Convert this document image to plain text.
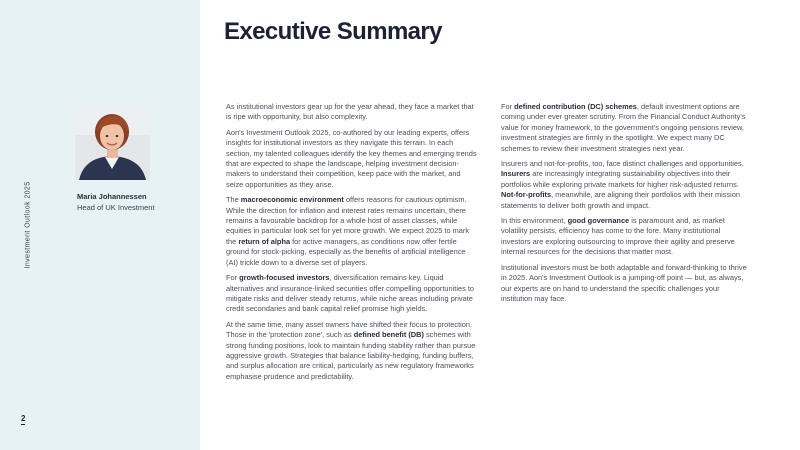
Investment Outlook 2025
2
Maria Johannessen
Head of UK Investment
Executive Summary

As institutional investors gear up for the year ahead, they face a market that is ripe with opportunity, but also complexity.

Aon's Investment Outlook 2025, co-authored by our leading experts, offers insights for institutional investors as they navigate this terrain. In each section, my talented colleagues identify the key themes and emerging trends that are expected to shape the landscape, helping investment decision-makers to understand their competition, keep pace with the market, and seize opportunities as they arise.

The macroeconomic environment offers reasons for cautious optimism. While the direction for inflation and interest rates remains uncertain, there remains a favourable backdrop for a whole host of asset classes, while equities in particular look set for yet more growth. We expect 2025 to mark the return of alpha for active managers, as conditions now offer fertile ground for stock-picking, especially as the benefits of artificial intelligence (AI) trickle down to a diverse set of players.

For growth-focused investors, diversification remains key. Liquid alternatives and insurance-linked securities offer compelling opportunities to mitigate risks and deliver steady returns, while niche areas including private credit secondaries and bank capital relief promise high yields.

At the same time, many asset owners have shifted their focus to protection. Those in the 'protection zone', such as defined benefit (DB) schemes with strong funding positions, look to maintain funding stability rather than pursue aggressive growth. Strategies that balance liability-hedging, funding buffers, and surplus allocation are critical, particularly as new regulatory frameworks emphasise prudence and predictability.

For defined contribution (DC) schemes, default investment options are coming under ever greater scrutiny. From the Financial Conduct Authority's value for money framework, to the government's ongoing pensions review, investment strategies are firmly in the spotlight. We expect many DC schemes to review their investment strategies next year.

Insurers and not-for-profits, too, face distinct challenges and opportunities. Insurers are increasingly integrating sustainability objectives into their portfolios while exploring private markets for higher risk-adjusted returns. Not-for-profits, meanwhile, are aligning their portfolios with their mission statements to deliver both growth and impact.

In this environment, good governance is paramount and, as market volatility persists, efficiency has come to the fore. Many institutional investors are exploring outsourcing to improve their agility and preserve internal resources for the decisions that matter most.

Institutional investors must be both adaptable and forward-thinking to thrive in 2025. Aon's Investment Outlook is a jumping-off point — but, as always, our experts are on hand to understand the specific challenges your institution may face.
